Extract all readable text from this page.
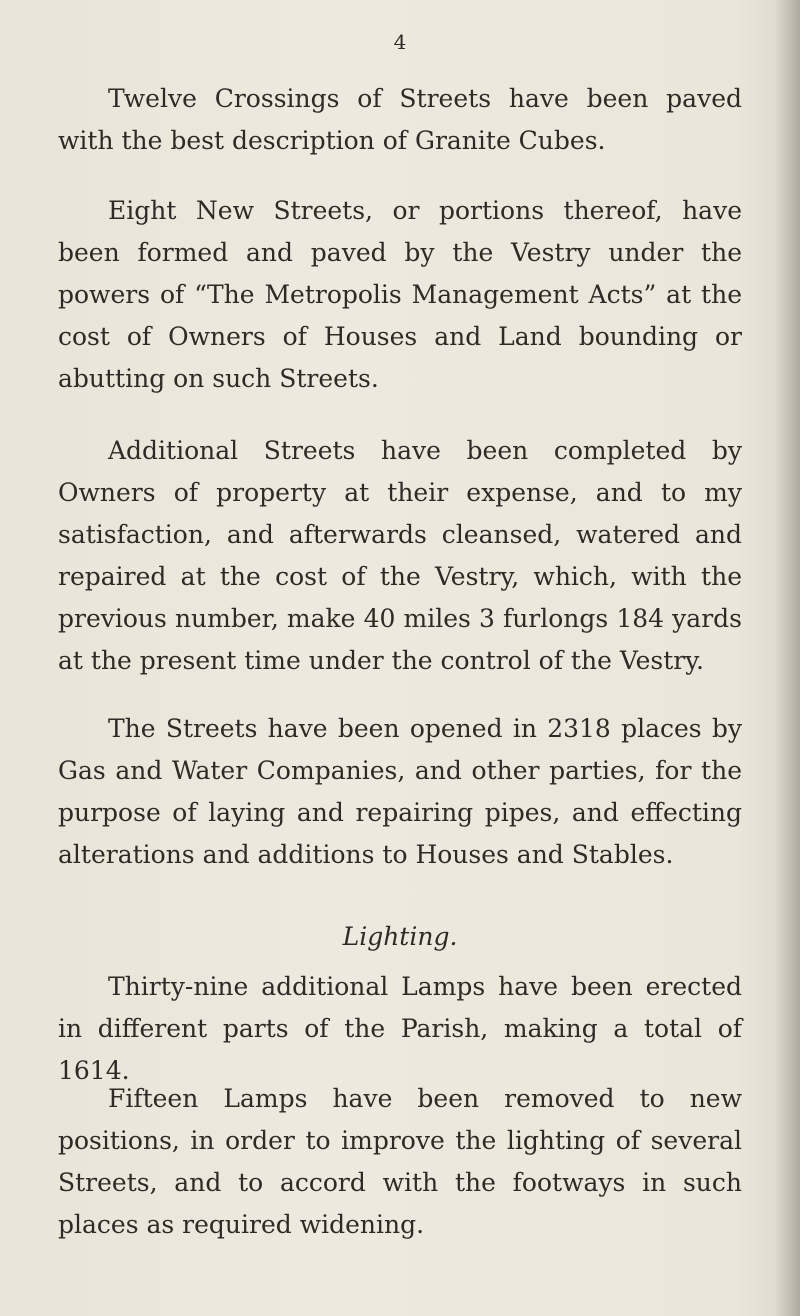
4

Twelve Crossings of Streets have been paved with the best description of Granite Cubes.

Eight New Streets, or portions thereof, have been formed and paved by the Vestry under the powers of “The Metropolis Management Acts” at the cost of Owners of Houses and Land bounding or abutting on such Streets.

Additional Streets have been completed by Owners of property at their expense, and to my satisfaction, and afterwards cleansed, watered and repaired at the cost of the Vestry, which, with the previous number, make 40 miles 3 furlongs 184 yards at the present time under the control of the Vestry.

The Streets have been opened in 2318 places by Gas and Water Companies, and other parties, for the purpose of laying and repairing pipes, and effecting alterations and additions to Houses and Stables.

Lighting.

Thirty-nine additional Lamps have been erected in different parts of the Parish, making a total of 1614.

Fifteen Lamps have been removed to new positions, in order to improve the lighting of several Streets, and to accord with the footways in such places as required widening.
